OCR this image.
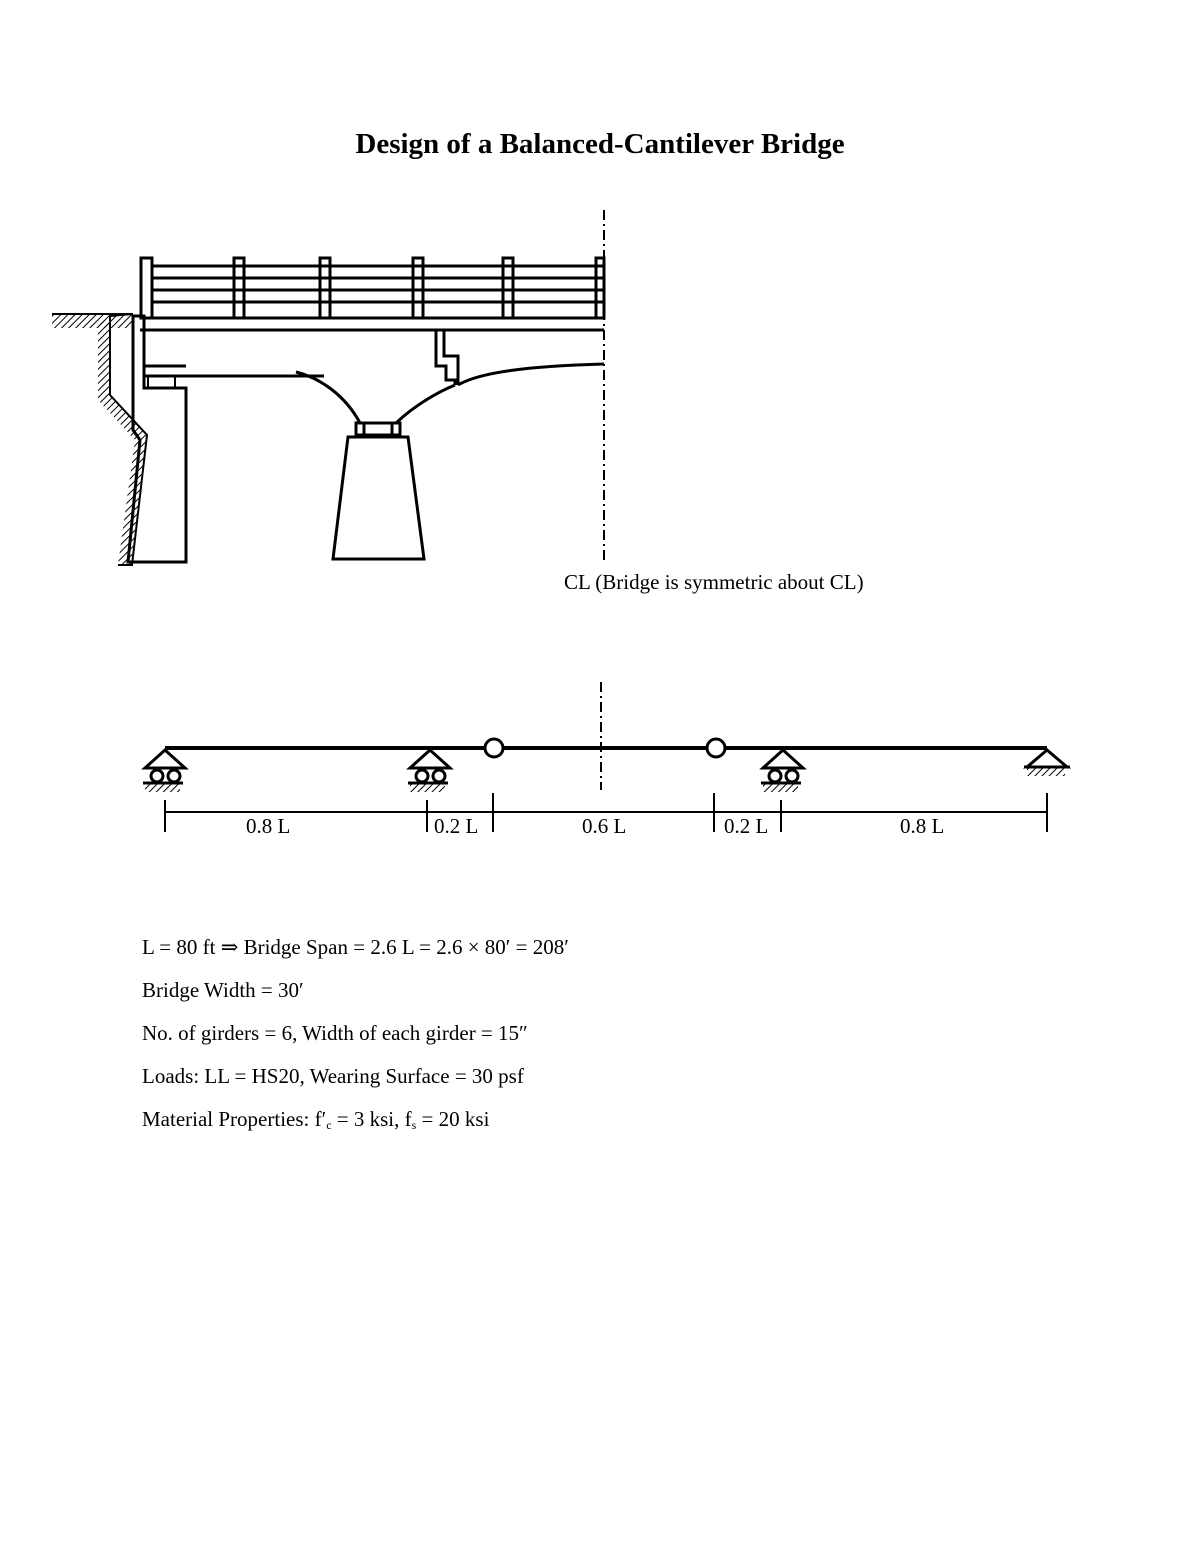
Design of a Balanced-Cantilever Bridge
CL (Bridge is symmetric about CL)
0.8 L	0.2 L	0.6 L	0.2 L	0.8 L

L = 80 ft ⇒ Bridge Span = 2.6 L = 2.6 × 80′ = 208′

Bridge Width = 30′

No. of girders = 6, Width of each girder = 15″

Loads: LL = HS20, Wearing Surface = 30 psf

Material Properties: $f'_c = 3$ ksi, $f_s = 20$ ksi
